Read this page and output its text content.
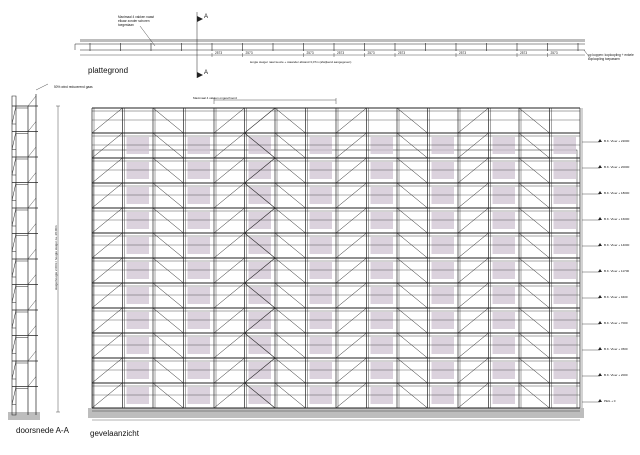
2573	2573	2573	2573	2573	2573	2573	2573	2573
plattegrond
Maximaal 4 vakken naast elkaar zonder schoren toegestaan
lengte steiger naar keuze + staander afstand 3,07m (afwijkend aangegeven)
op koppen: koploopling + enkele koploopling toepassen
A
A
doorsnede A-A
50% wind reducerend gaas
steigerhoogte 2.00m / hoogte steiger ca. 28.00m
gevelaanzicht
Maximaal 4 vakken ongeschoord
B.K. Vloer + 22000
B.K. Vloer + 20000
B.K. Vloer + 18000
B.K. Vloer + 16000
B.K. Vloer + 14000
B.K. Vloer + 11700
B.K. Vloer + 9400
B.K. Vloer + 7000
B.K. Vloer + 4500
B.K. Vloer + 2000
PEIL + 0
